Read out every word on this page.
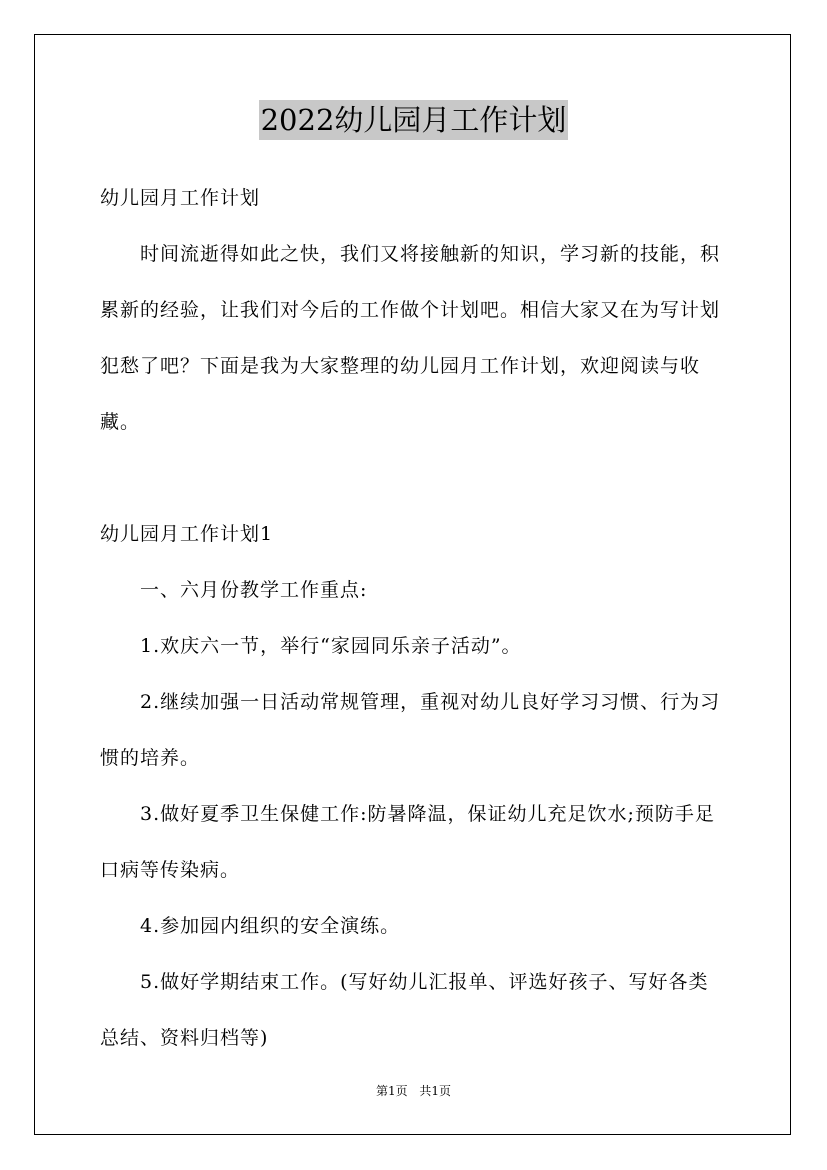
2022幼儿园月工作计划

幼儿园月工作计划

时间流逝得如此之快，我们又将接触新的知识，学习新的技能，积累新的经验，让我们对今后的工作做个计划吧。相信大家又在为写计划犯愁了吧？下面是我为大家整理的幼儿园月工作计划，欢迎阅读与收藏。

幼儿园月工作计划1

一、六月份教学工作重点:

1.欢庆六一节，举行“家园同乐亲子活动”。

2.继续加强一日活动常规管理，重视对幼儿良好学习习惯、行为习惯的培养。

3.做好夏季卫生保健工作:防暑降温，保证幼儿充足饮水;预防手足口病等传染病。

4.参加园内组织的安全演练。

5.做好学期结束工作。(写好幼儿汇报单、评选好孩子、写好各类总结、资料归档等)

第1页 共1页
